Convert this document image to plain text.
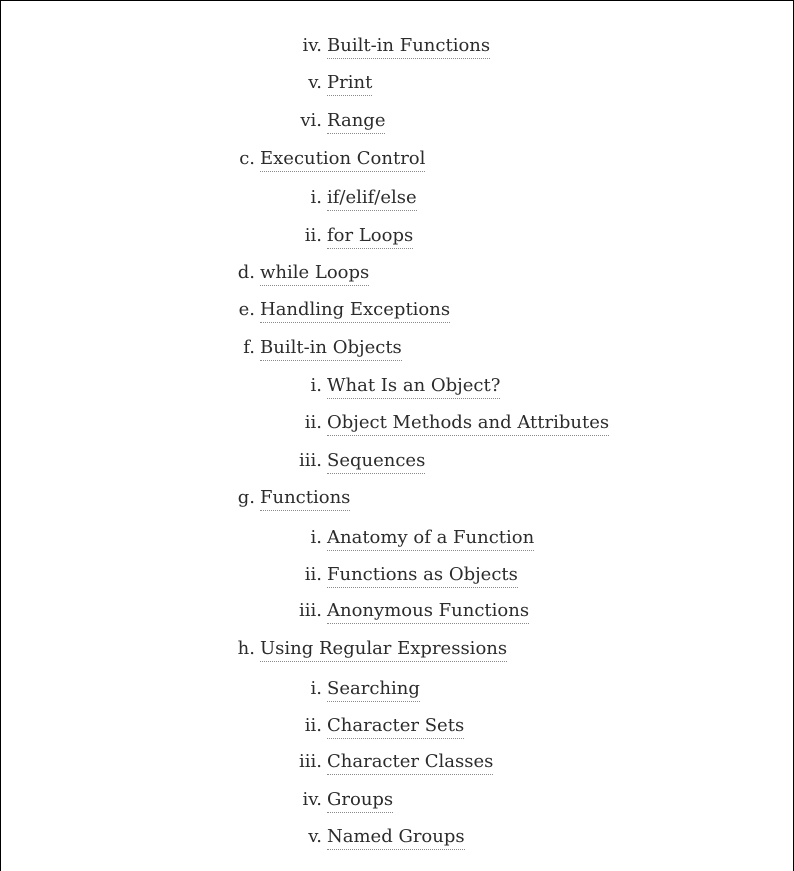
iv. Built-in Functions
v. Print
vi. Range
c. Execution Control
i. if/elif/else
ii. for Loops
d. while Loops
e. Handling Exceptions
f. Built-in Objects
i. What Is an Object?
ii. Object Methods and Attributes
iii. Sequences
g. Functions
i. Anatomy of a Function
ii. Functions as Objects
iii. Anonymous Functions
h. Using Regular Expressions
i. Searching
ii. Character Sets
iii. Character Classes
iv. Groups
v. Named Groups
